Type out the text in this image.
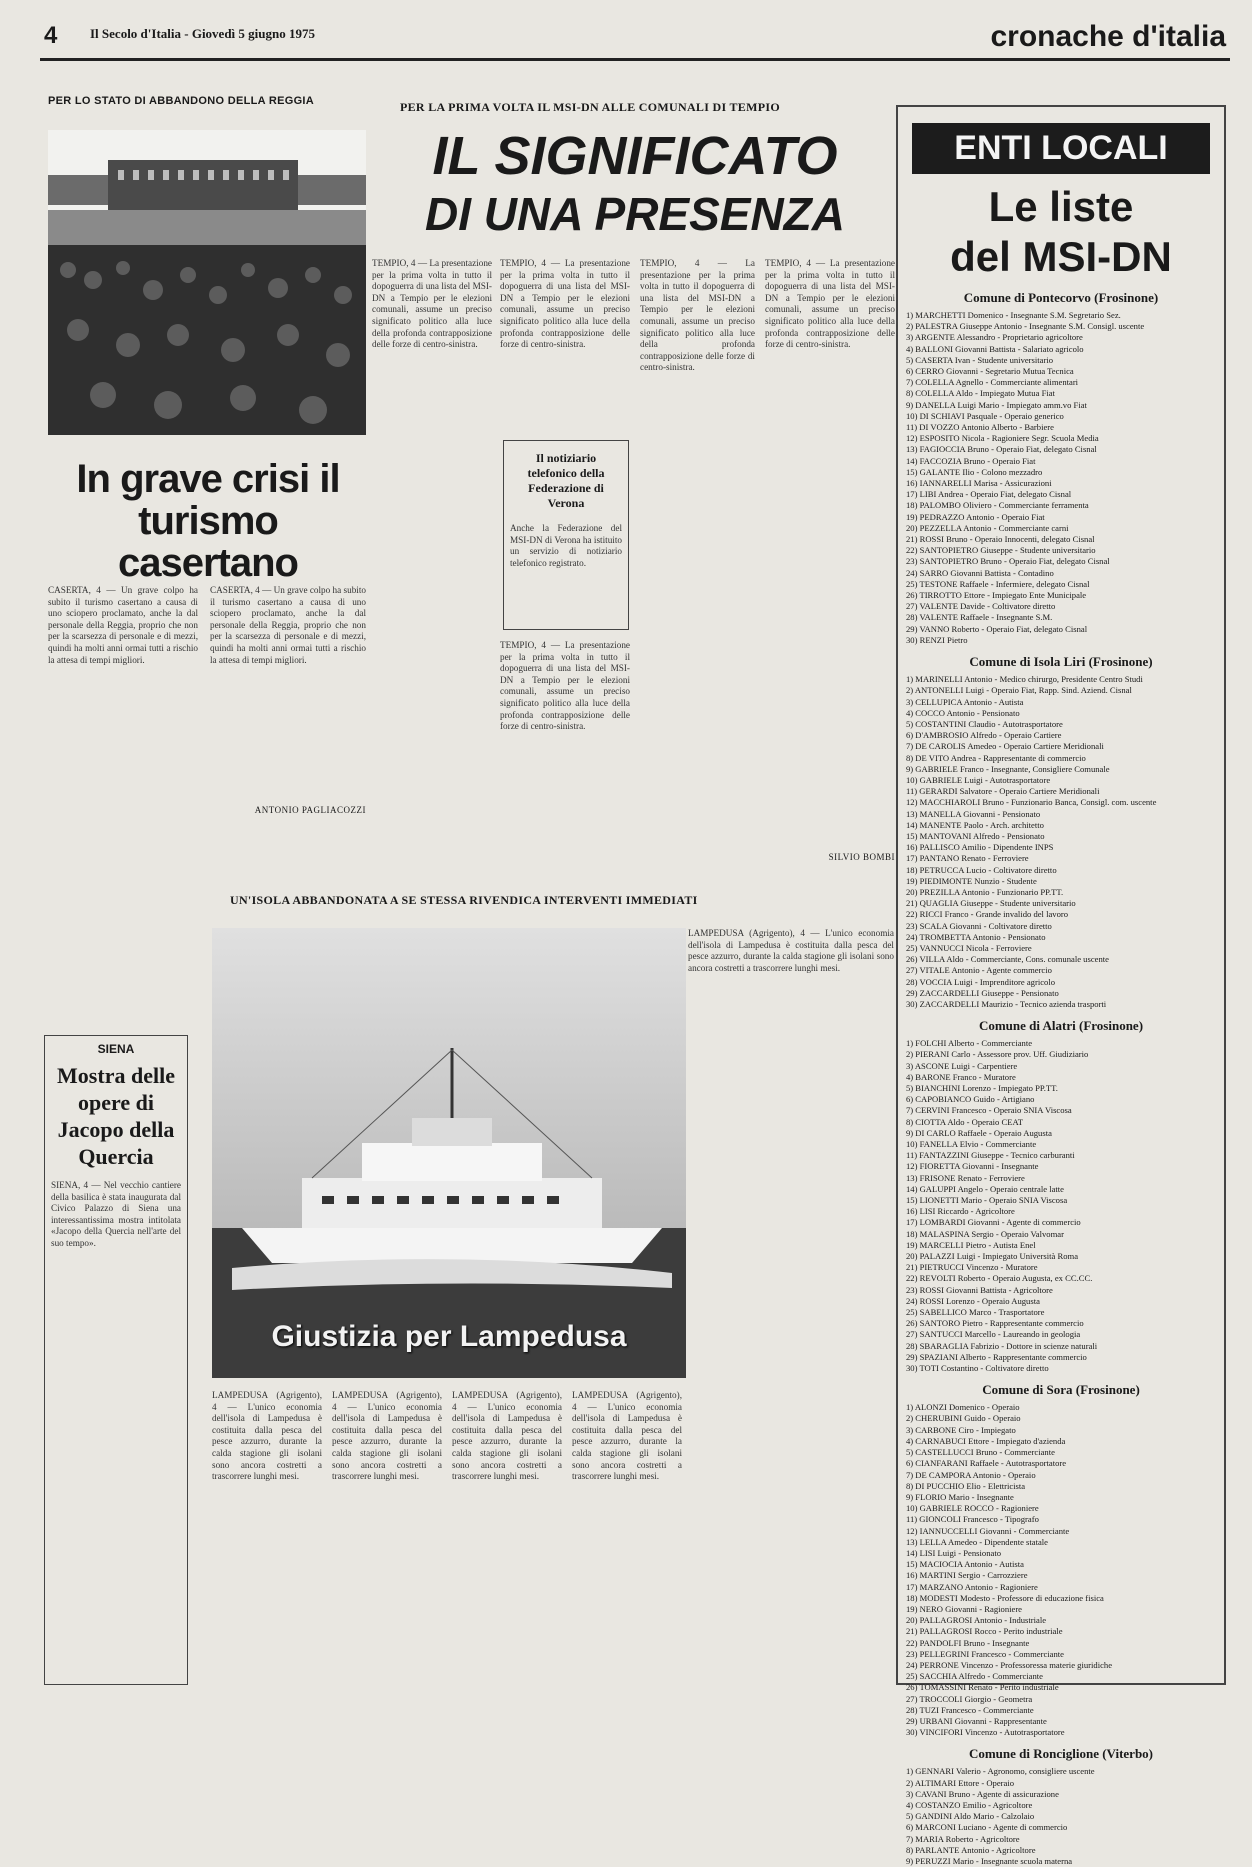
4	Il Secolo d'Italia - Giovedì 5 giugno 1975	cronache d'italia
PER LO STATO DI ABBANDONO DELLA REGGIA
In grave crisi il turismo casertano
CASERTA, 4 — Un grave colpo ha subito il turismo casertano a causa di uno sciopero proclamato, anche la dal personale della Reggia, proprio che non per la scarsezza di personale e di mezzi, quindi ha molti anni ormai tutti a rischio la attesa di tempi migliori.
CASERTA, 4 — Un grave colpo ha subito il turismo casertano a causa di uno sciopero proclamato, anche la dal personale della Reggia, proprio che non per la scarsezza di personale e di mezzi, quindi ha molti anni ormai tutti a rischio la attesa di tempi migliori.
ANTONIO PAGLIACOZZI
PER LA PRIMA VOLTA IL MSI-DN ALLE COMUNALI DI TEMPIO
IL SIGNIFICATO
DI UNA PRESENZA
TEMPIO, 4 — La presentazione per la prima volta in tutto il dopoguerra di una lista del MSI-DN a Tempio per le elezioni comunali, assume un preciso significato politico alla luce della profonda contrapposizione delle forze di centro-sinistra.
TEMPIO, 4 — La presentazione per la prima volta in tutto il dopoguerra di una lista del MSI-DN a Tempio per le elezioni comunali, assume un preciso significato politico alla luce della profonda contrapposizione delle forze di centro-sinistra.
Il notiziario telefonico della Federazione di Verona
Anche la Federazione del MSI-DN di Verona ha istituito un servizio di notiziario telefonico registrato.
TEMPIO, 4 — La presentazione per la prima volta in tutto il dopoguerra di una lista del MSI-DN a Tempio per le elezioni comunali, assume un preciso significato politico alla luce della profonda contrapposizione delle forze di centro-sinistra.
TEMPIO, 4 — La presentazione per la prima volta in tutto il dopoguerra di una lista del MSI-DN a Tempio per le elezioni comunali, assume un preciso significato politico alla luce della profonda contrapposizione delle forze di centro-sinistra.
TEMPIO, 4 — La presentazione per la prima volta in tutto il dopoguerra di una lista del MSI-DN a Tempio per le elezioni comunali, assume un preciso significato politico alla luce della profonda contrapposizione delle forze di centro-sinistra.
SILVIO BOMBI
SIENA
Mostra delle opere di Jacopo della Quercia
SIENA, 4 — Nel vecchio cantiere della basilica è stata inaugurata dal Civico Palazzo di Siena una interessantissima mostra intitolata «Jacopo della Quercia nell'arte del suo tempo».
UN'ISOLA ABBANDONATA A SE STESSA RIVENDICA INTERVENTI IMMEDIATI
Giustizia per Lampedusa
LAMPEDUSA (Agrigento), 4 — L'unico economia dell'isola di Lampedusa è costituita dalla pesca del pesce azzurro, durante la calda stagione gli isolani sono ancora costretti a trascorrere lunghi mesi.
LAMPEDUSA (Agrigento), 4 — L'unico economia dell'isola di Lampedusa è costituita dalla pesca del pesce azzurro, durante la calda stagione gli isolani sono ancora costretti a trascorrere lunghi mesi.
LAMPEDUSA (Agrigento), 4 — L'unico economia dell'isola di Lampedusa è costituita dalla pesca del pesce azzurro, durante la calda stagione gli isolani sono ancora costretti a trascorrere lunghi mesi.
LAMPEDUSA (Agrigento), 4 — L'unico economia dell'isola di Lampedusa è costituita dalla pesca del pesce azzurro, durante la calda stagione gli isolani sono ancora costretti a trascorrere lunghi mesi.
LAMPEDUSA (Agrigento), 4 — L'unico economia dell'isola di Lampedusa è costituita dalla pesca del pesce azzurro, durante la calda stagione gli isolani sono ancora costretti a trascorrere lunghi mesi.
ENTI LOCALI
Le liste
del MSI-DN
Comune di Pontecorvo (Frosinone)
1) MARCHETTI Domenico - Insegnante S.M. Segretario Sez.
2) PALESTRA Giuseppe Antonio - Insegnante S.M. Consigl. uscente
3) ARGENTE Alessandro - Proprietario agricoltore
4) BALLONI Giovanni Battista - Salariato agricolo
5) CASERTA Ivan - Studente universitario
6) CERRO Giovanni - Segretario Mutua Tecnica
7) COLELLA Agnello - Commerciante alimentari
8) COLELLA Aldo - Impiegato Mutua Fiat
9) DANELLA Luigi Mario - Impiegato amm.vo Fiat
10) DI SCHIAVI Pasquale - Operaio generico
11) DI VOZZO Antonio Alberto - Barbiere
12) ESPOSITO Nicola - Ragioniere Segr. Scuola Media
13) FAGIOCCIA Bruno - Operaio Fiat, delegato Cisnal
14) FACCOZIA Bruno - Operaio Fiat
15) GALANTE Ilio - Colono mezzadro
16) IANNARELLI Marisa - Assicurazioni
17) LIBI Andrea - Operaio Fiat, delegato Cisnal
18) PALOMBO Oliviero - Commerciante ferramenta
19) PEDRAZZO Antonio - Operaio Fiat
20) PEZZELLA Antonio - Commerciante carni
21) ROSSI Bruno - Operaio Innocenti, delegato Cisnal
22) SANTOPIETRO Giuseppe - Studente universitario
23) SANTOPIETRO Bruno - Operaio Fiat, delegato Cisnal
24) SARRO Giovanni Battista - Contadino
25) TESTONE Raffaele - Infermiere, delegato Cisnal
26) TIRROTTO Ettore - Impiegato Ente Municipale
27) VALENTE Davide - Coltivatore diretto
28) VALENTE Raffaele - Insegnante S.M.
29) VANNO Roberto - Operaio Fiat, delegato Cisnal
30) RENZI Pietro
Comune di Isola Liri (Frosinone)
1) MARINELLI Antonio - Medico chirurgo, Presidente Centro Studi
2) ANTONELLI Luigi - Operaio Fiat, Rapp. Sind. Aziend. Cisnal
3) CELLUPICA Antonio - Autista
4) COCCO Antonio - Pensionato
5) COSTANTINI Claudio - Autotrasportatore
6) D'AMBROSIO Alfredo - Operaio Cartiere
7) DE CAROLIS Amedeo - Operaio Cartiere Meridionali
8) DE VITO Andrea - Rappresentante di commercio
9) GABRIELE Franco - Insegnante, Consigliere Comunale
10) GABRIELE Luigi - Autotrasportatore
11) GERARDI Salvatore - Operaio Cartiere Meridionali
12) MACCHIAROLI Bruno - Funzionario Banca, Consigl. com. uscente
13) MANELLA Giovanni - Pensionato
14) MANENTE Paolo - Arch. architetto
15) MANTOVANI Alfredo - Pensionato
16) PALLISCO Amilio - Dipendente INPS
17) PANTANO Renato - Ferroviere
18) PETRUCCA Lucio - Coltivatore diretto
19) PIEDIMONTE Nunzio - Studente
20) PREZILLA Antonio - Funzionario PP.TT.
21) QUAGLIA Giuseppe - Studente universitario
22) RICCI Franco - Grande invalido del lavoro
23) SCALA Giovanni - Coltivatore diretto
24) TROMBETTA Antonio - Pensionato
25) VANNUCCI Nicola - Ferroviere
26) VILLA Aldo - Commerciante, Cons. comunale uscente
27) VITALE Antonio - Agente commercio
28) VOCCIA Luigi - Imprenditore agricolo
29) ZACCARDELLI Giuseppe - Pensionato
30) ZACCARDELLI Maurizio - Tecnico azienda trasporti
Comune di Alatri (Frosinone)
1) FOLCHI Alberto - Commerciante
2) PIERANI Carlo - Assessore prov. Uff. Giudiziario
3) ASCONE Luigi - Carpentiere
4) BARONE Franco - Muratore
5) BIANCHINI Lorenzo - Impiegato PP.TT.
6) CAPOBIANCO Guido - Artigiano
7) CERVINI Francesco - Operaio SNIA Viscosa
8) CIOTTA Aldo - Operaio CEAT
9) DI CARLO Raffaele - Operaio Augusta
10) FANELLA Elvio - Commerciante
11) FANTAZZINI Giuseppe - Tecnico carburanti
12) FIORETTA Giovanni - Insegnante
13) FRISONE Renato - Ferroviere
14) GALUPPI Angelo - Operaio centrale latte
15) LIONETTI Mario - Operaio SNIA Viscosa
16) LISI Riccardo - Agricoltore
17) LOMBARDI Giovanni - Agente di commercio
18) MALASPINA Sergio - Operaio Valvomar
19) MARCELLI Pietro - Autista Enel
20) PALAZZI Luigi - Impiegato Università Roma
21) PIETRUCCI Vincenzo - Muratore
22) REVOLTI Roberto - Operaio Augusta, ex CC.CC.
23) ROSSI Giovanni Battista - Agricoltore
24) ROSSI Lorenzo - Operaio Augusta
25) SABELLICO Marco - Trasportatore
26) SANTORO Pietro - Rappresentante commercio
27) SANTUCCI Marcello - Laureando in geologia
28) SBARAGLIA Fabrizio - Dottore in scienze naturali
29) SPAZIANI Alberto - Rappresentante commercio
30) TOTI Costantino - Coltivatore diretto
Comune di Sora (Frosinone)
1) ALONZI Domenico - Operaio
2) CHERUBINI Guido - Operaio
3) CARBONE Ciro - Impiegato
4) CARNABUCI Ettore - Impiegato d'azienda
5) CASTELLUCCI Bruno - Commerciante
6) CIANFARANI Raffaele - Autotrasportatore
7) DE CAMPORA Antonio - Operaio
8) DI PUCCHIO Elio - Elettricista
9) FLORIO Mario - Insegnante
10) GABRIELE ROCCO - Ragioniere
11) GIONCOLI Francesco - Tipografo
12) IANNUCCELLI Giovanni - Commerciante
13) LELLA Amedeo - Dipendente statale
14) LISI Luigi - Pensionato
15) MACIOCIA Antonio - Autista
16) MARTINI Sergio - Carrozziere
17) MARZANO Antonio - Ragioniere
18) MODESTI Modesto - Professore di educazione fisica
19) NERO Giovanni - Ragioniere
20) PALLAGROSI Antonio - Industriale
21) PALLAGROSI Rocco - Perito industriale
22) PANDOLFI Bruno - Insegnante
23) PELLEGRINI Francesco - Commerciante
24) PERRONE Vincenzo - Professoressa materie giuridiche
25) SACCHIA Alfredo - Commerciante
26) TOMASSINI Renato - Perito industriale
27) TROCCOLI Giorgio - Geometra
28) TUZI Francesco - Commerciante
29) URBANI Giovanni - Rappresentante
30) VINCIFORI Vincenzo - Autotrasportatore
Comune di Ronciglione (Viterbo)
1) GENNARI Valerio - Agronomo, consigliere uscente
2) ALTIMARI Ettore - Operaio
3) CAVANI Bruno - Agente di assicurazione
4) COSTANZO Emilio - Agricoltore
5) GANDINI Aldo Mario - Calzolaio
6) MARCONI Luciano - Agente di commercio
7) MARIA Roberto - Agricoltore
8) PARLANTE Antonio - Agricoltore
9) PERUZZI Mario - Insegnante scuola materna
